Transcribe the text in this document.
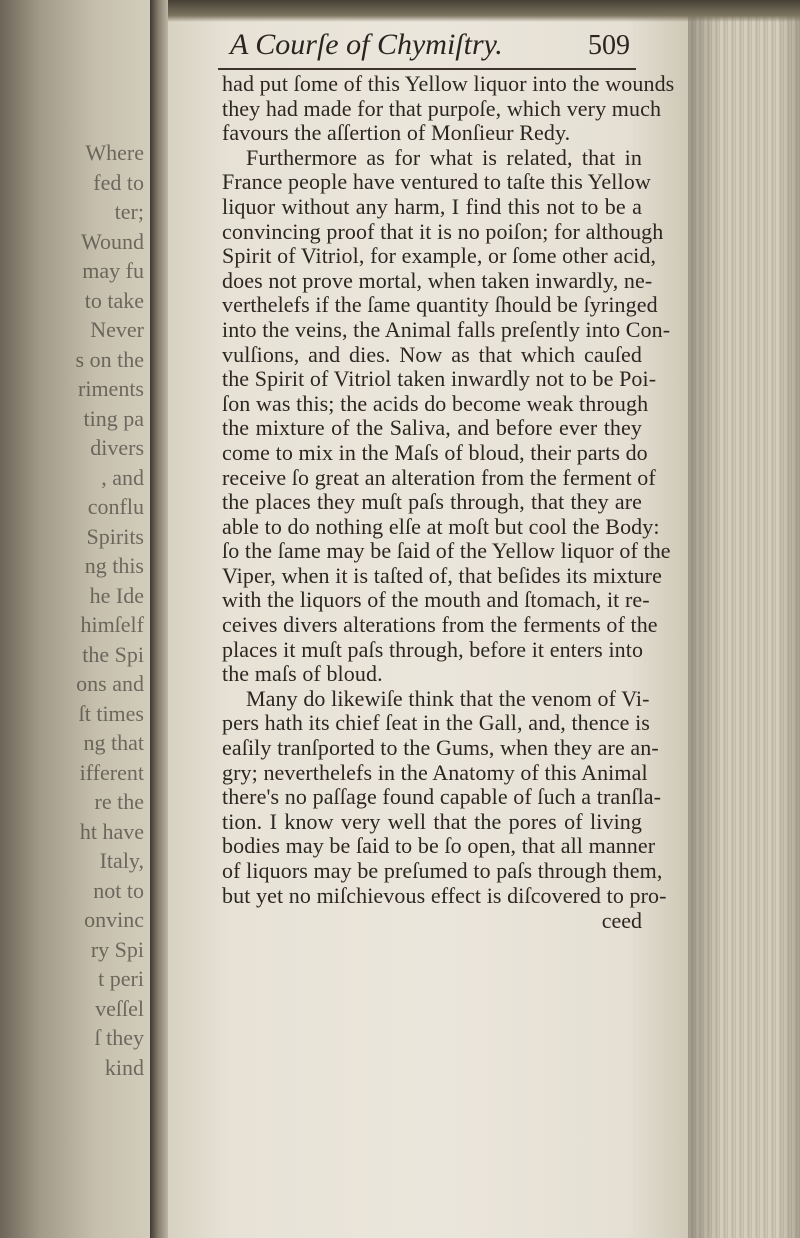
Where
fed to
ter;
Wound
may fu
to take
Never
s on the
riments
ting pa
divers
, and
conflu
Spirits
ng this
he Ide
himſelf
the Spi
ons and
ſt times
ng that
ifferent
re the
ht have
Italy,
not to
onvinc
ry Spi
t peri
veſſel
ſ they
kind
A Courſe of Chymiſtry.	509
had put ſome of this Yellow liquor into the wounds
they had made for that purpoſe, which very much
favours the aſſertion of Monſieur Redy.
Furthermore as for what is related, that in
France people have ventured to taſte this Yellow
liquor without any harm, I find this not to be a
convincing proof that it is no poiſon; for although
Spirit of Vitriol, for example, or ſome other acid,
does not prove mortal, when taken inwardly, ne-
verthelefs if the ſame quantity ſhould be ſyringed
into the veins, the Animal falls preſently into Con-
vulſions, and dies. Now as that which cauſed
the Spirit of Vitriol taken inwardly not to be Poi-
ſon was this; the acids do become weak through
the mixture of the Saliva, and before ever they
come to mix in the Maſs of bloud, their parts do
receive ſo great an alteration from the ferment of
the places they muſt paſs through, that they are
able to do nothing elſe at moſt but cool the Body:
ſo the ſame may be ſaid of the Yellow liquor of the
Viper, when it is taſted of, that beſides its mixture
with the liquors of the mouth and ſtomach, it re-
ceives divers alterations from the ferments of the
places it muſt paſs through, before it enters into
the maſs of bloud.
Many do likewiſe think that the venom of Vi-
pers hath its chief ſeat in the Gall, and, thence is
eaſily tranſported to the Gums, when they are an-
gry; neverthelefs in the Anatomy of this Animal
there's no paſſage found capable of ſuch a tranſla-
tion. I know very well that the pores of living
bodies may be ſaid to be ſo open, that all manner
of liquors may be preſumed to paſs through them,
but yet no miſchievous effect is diſcovered to pro-
ceed
